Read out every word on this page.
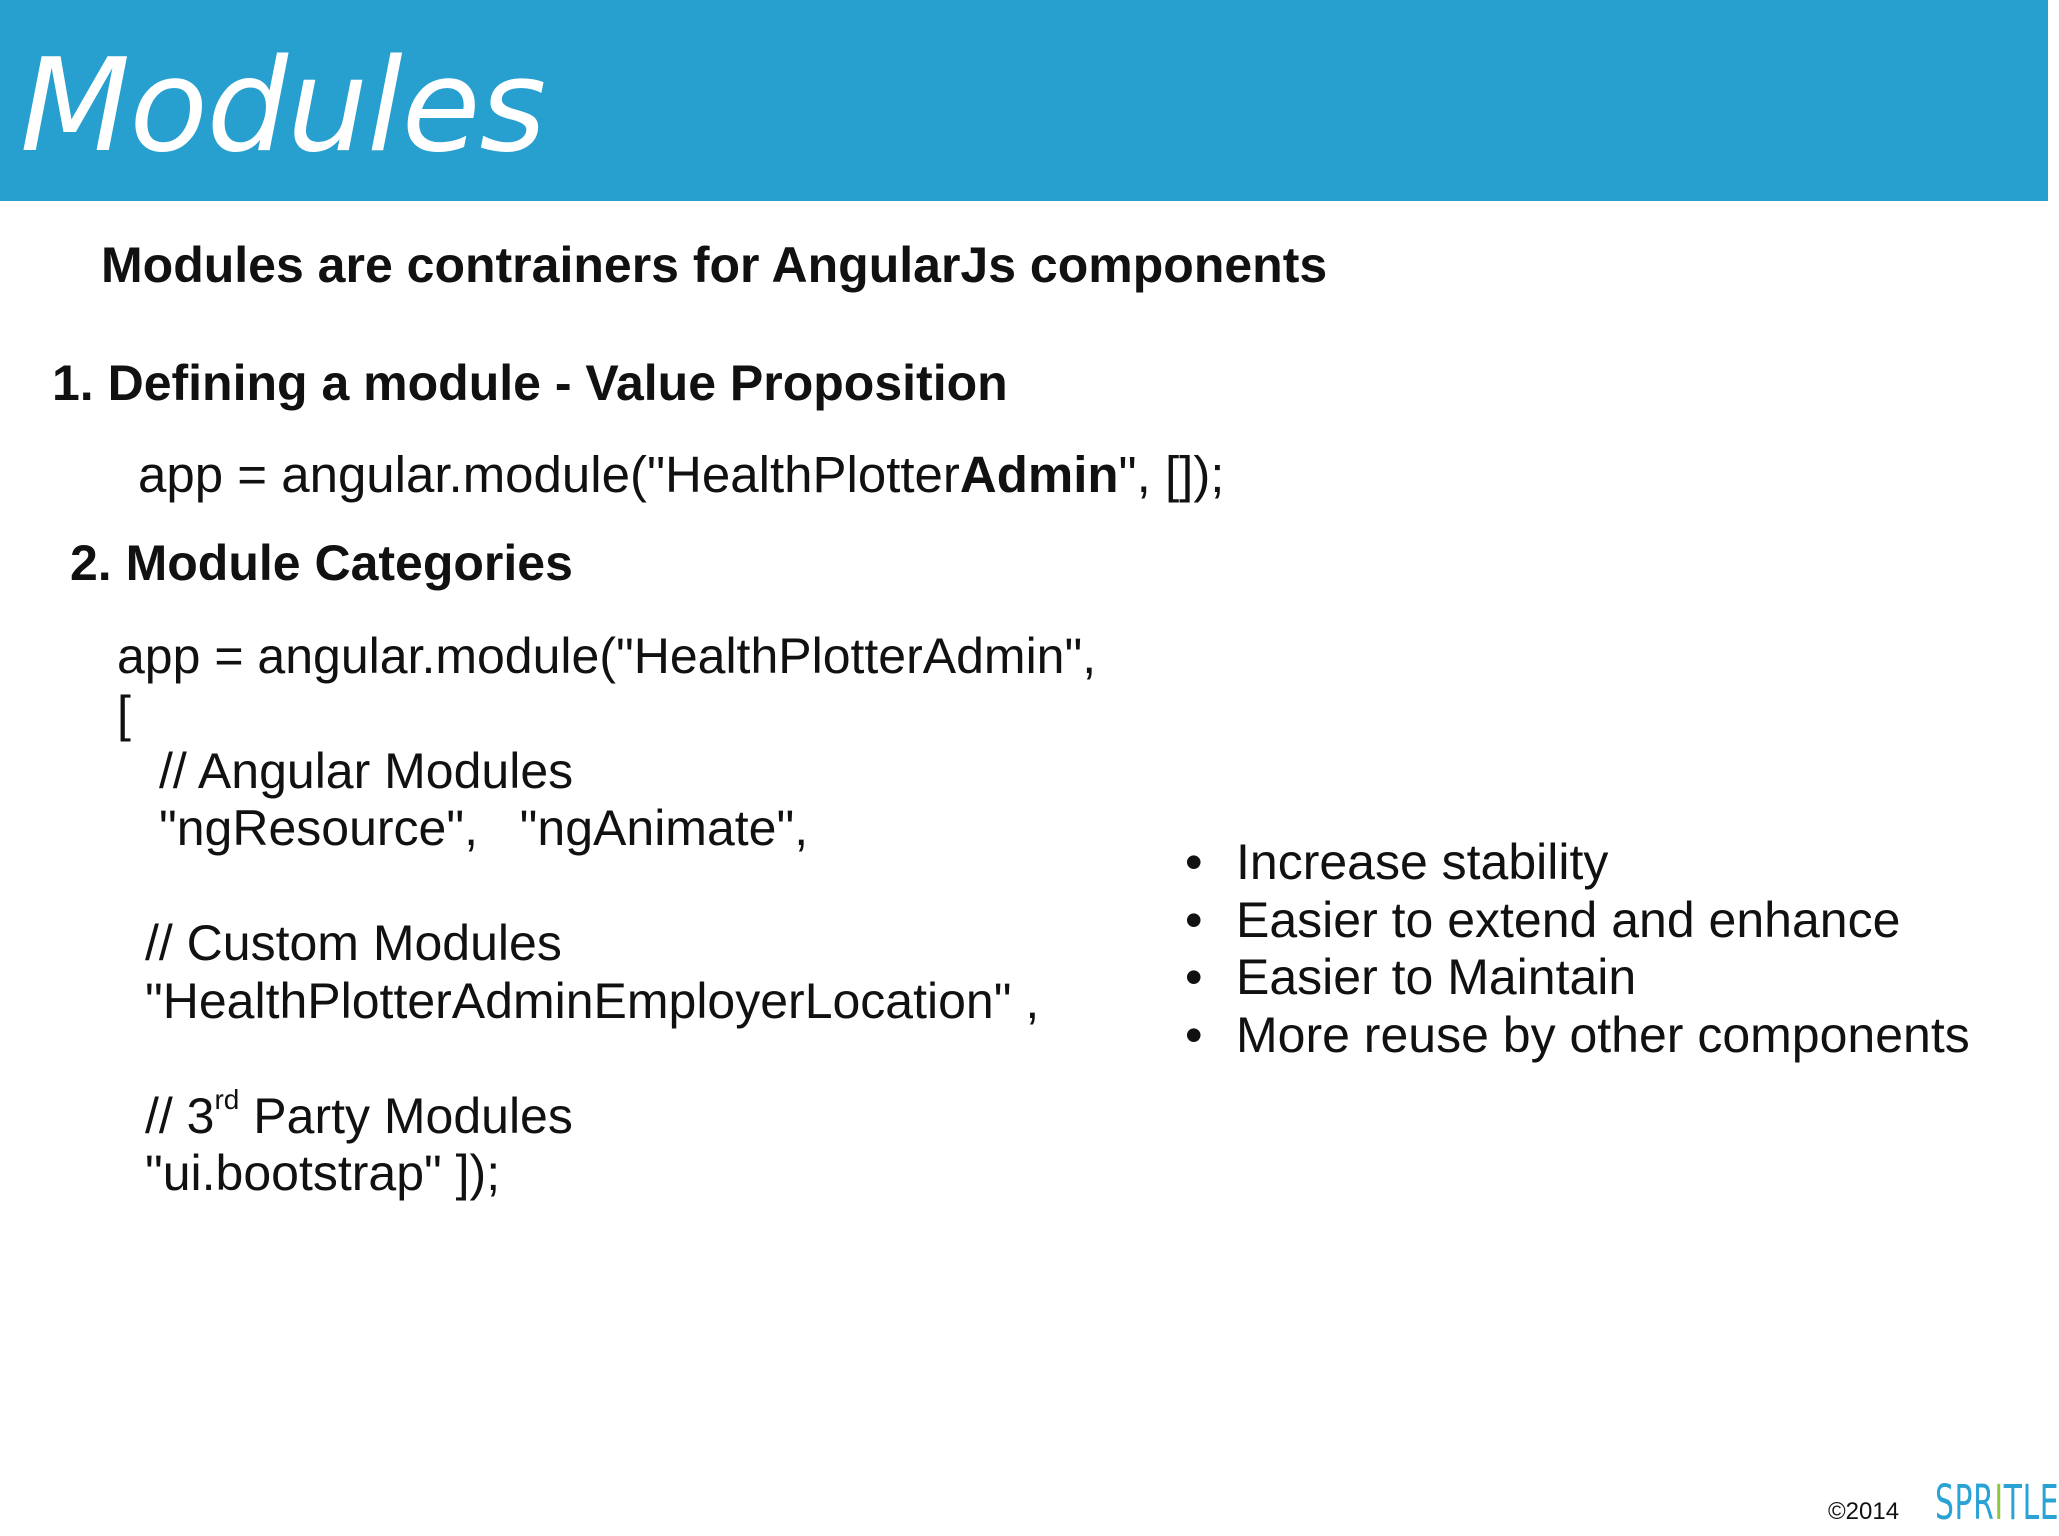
Modules
Modules are contrainers for AngularJs components
1. Defining a module - Value Proposition
app = angular.module("HealthPlotterAdmin", []);
2. Module Categories
app = angular.module("HealthPlotterAdmin",
[
// Angular Modules
"ngResource",   "ngAnimate",
// Custom Modules
"HealthPlotterAdminEmployerLocation" ,
// 3rd Party Modules
"ui.bootstrap" ]);
• Increase stability
• Easier to extend and enhance
• Easier to Maintain
• More reuse by other components
©2014 SPRITLE
